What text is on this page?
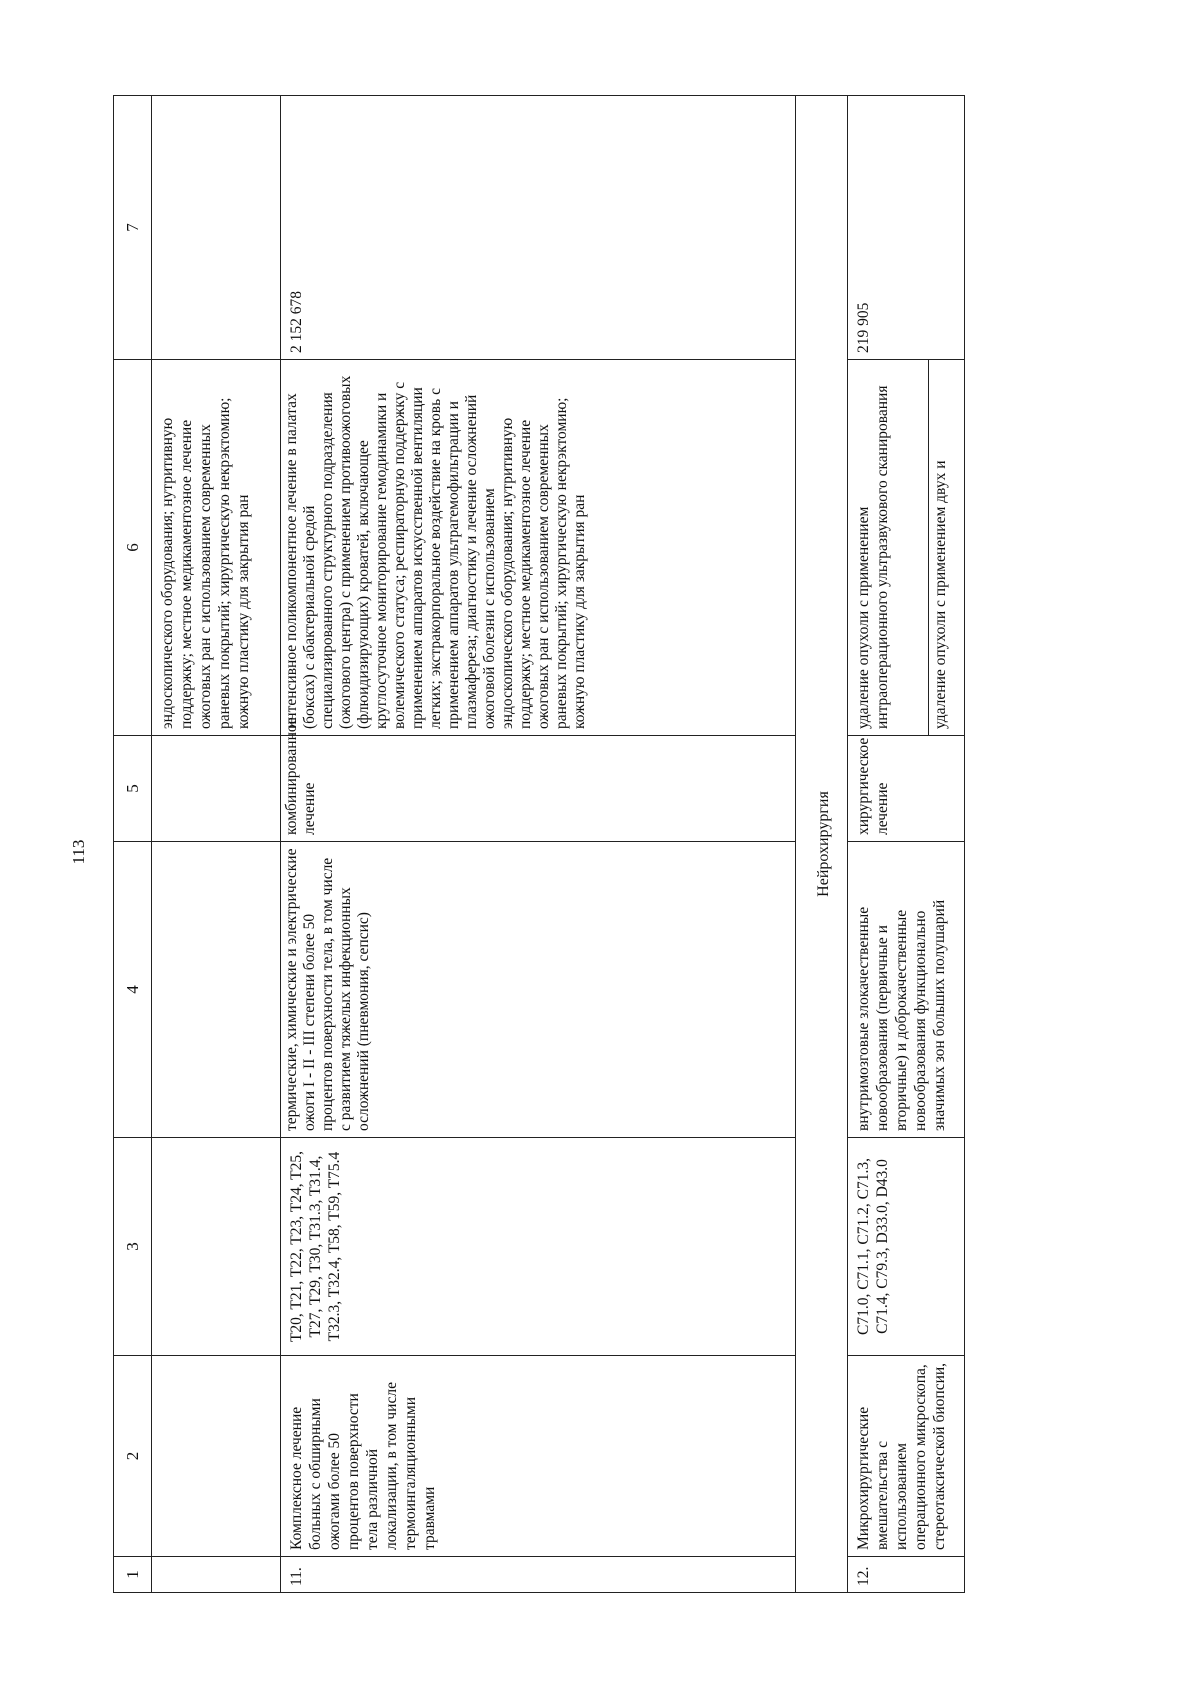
113
1	2	3	4	5	6	7
					эндоскопического оборудования; нутритивную поддержку; местное медикаментозное лечение ожоговых ран с использованием современных раневых покрытий; хирургическую некрэктомию; кожную пластику для закрытия ран	
11.	Комплексное лечение больных с обширными ожогами более 50 процентов поверхности тела различной локализации, в том числе термоингаляционными травмами	T20, T21, T22, T23, T24, T25, T27, T29, T30, T31.3, T31.4, T32.3, T32.4, T58, T59, T75.4	термические, химические и электрические ожоги I - II - III степени более 50 процентов поверхности тела, в том числе с развитием тяжелых инфекционных осложнений (пневмония, сепсис)	комбинированное лечение	интенсивное поликомпонентное лечение в палатах (боксах) с абактериальной средой специализированного структурного подразделения (ожогового центра) с применением противоожоговых (флюидизирующих) кроватей, включающее круглосуточное мониторирование гемодинамики и волемического статуса; респираторную поддержку с применением аппаратов искусственной вентиляции легких; экстракорпоральное воздействие на кровь с применением аппаратов ультрагемофильтрации и плазмафереза; диагностику и лечение осложнений ожоговой болезни с использованием эндоскопического оборудования; нутритивную поддержку; местное медикаментозное лечение ожоговых ран с использованием современных раневых покрытий; хирургическую некрэктомию; кожную пластику для закрытия ран	2 152 678
Нейрохирургия						
12.	Микрохирургические вмешательства с использованием операционного микроскопа, стереотаксической биопсии,	C71.0, C71.1, C71.2, C71.3, C71.4, C79.3, D33.0, D43.0	внутримозговые злокачественные новообразования (первичные и вторичные) и доброкачественные новообразования функционально значимых зон больших полушарий	хирургическое лечение	удаление опухоли с применением интраоперационного ультразвукового сканирования удаление опухоли с применением двух и	219 905
